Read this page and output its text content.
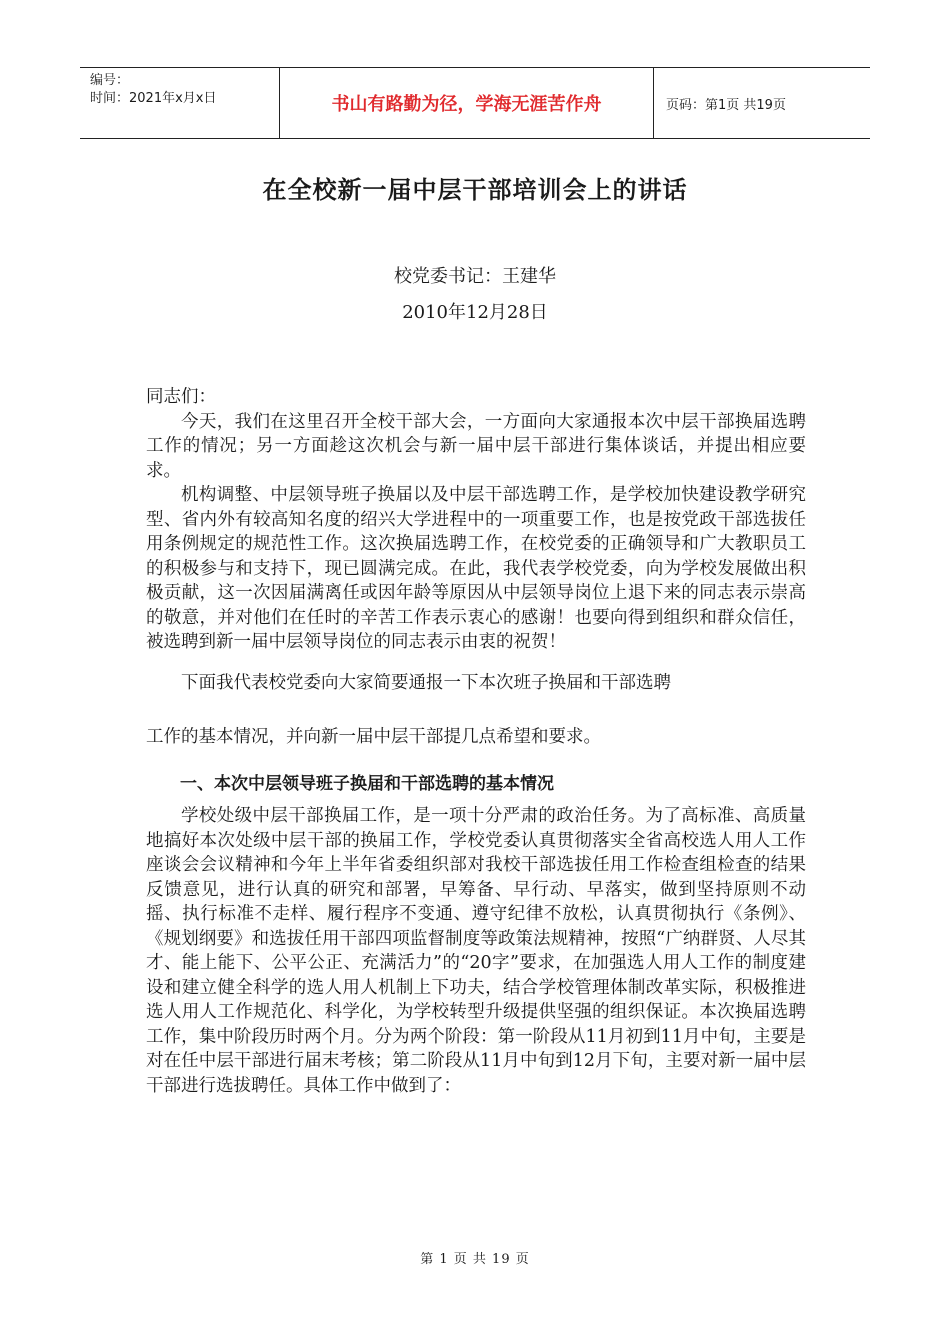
编号：
时间：2021年x月x日	书山有路勤为径，学海无涯苦作舟	页码：第1页 共19页
在全校新一届中层干部培训会上的讲话
校党委书记：王建华
2010年12月28日

同志们：

今天，我们在这里召开全校干部大会，一方面向大家通报本次中层干部换届选聘工作的情况；另一方面趁这次机会与新一届中层干部进行集体谈话，并提出相应要求。

机构调整、中层领导班子换届以及中层干部选聘工作，是学校加快建设教学研究型、省内外有较高知名度的绍兴大学进程中的一项重要工作，也是按党政干部选拔任用条例规定的规范性工作。这次换届选聘工作，在校党委的正确领导和广大教职员工的积极参与和支持下，现已圆满完成。在此，我代表学校党委，向为学校发展做出积极贡献，这一次因届满离任或因年龄等原因从中层领导岗位上退下来的同志表示崇高的敬意，并对他们在任时的辛苦工作表示衷心的感谢！也要向得到组织和群众信任，被选聘到新一届中层领导岗位的同志表示由衷的祝贺！

下面我代表校党委向大家简要通报一下本次班子换届和干部选聘

工作的基本情况，并向新一届中层干部提几点希望和要求。

一、本次中层领导班子换届和干部选聘的基本情况

学校处级中层干部换届工作，是一项十分严肃的政治任务。为了高标准、高质量地搞好本次处级中层干部的换届工作，学校党委认真贯彻落实全省高校选人用人工作座谈会会议精神和今年上半年省委组织部对我校干部选拔任用工作检查组检查的结果反馈意见，进行认真的研究和部署，早筹备、早行动、早落实，做到坚持原则不动摇、执行标准不走样、履行程序不变通、遵守纪律不放松，认真贯彻执行《条例》、《规划纲要》和选拔任用干部四项监督制度等政策法规精神，按照“广纳群贤、人尽其才、能上能下、公平公正、充满活力”的“20字”要求，在加强选人用人工作的制度建设和建立健全科学的选人用人机制上下功夫，结合学校管理体制改革实际，积极推进选人用人工作规范化、科学化，为学校转型升级提供坚强的组织保证。本次换届选聘工作，集中阶段历时两个月。分为两个阶段：第一阶段从11月初到11月中旬，主要是对在任中层干部进行届末考核；第二阶段从11月中旬到12月下旬，主要对新一届中层干部进行选拔聘任。具体工作中做到了：

第 1 页 共 19 页
